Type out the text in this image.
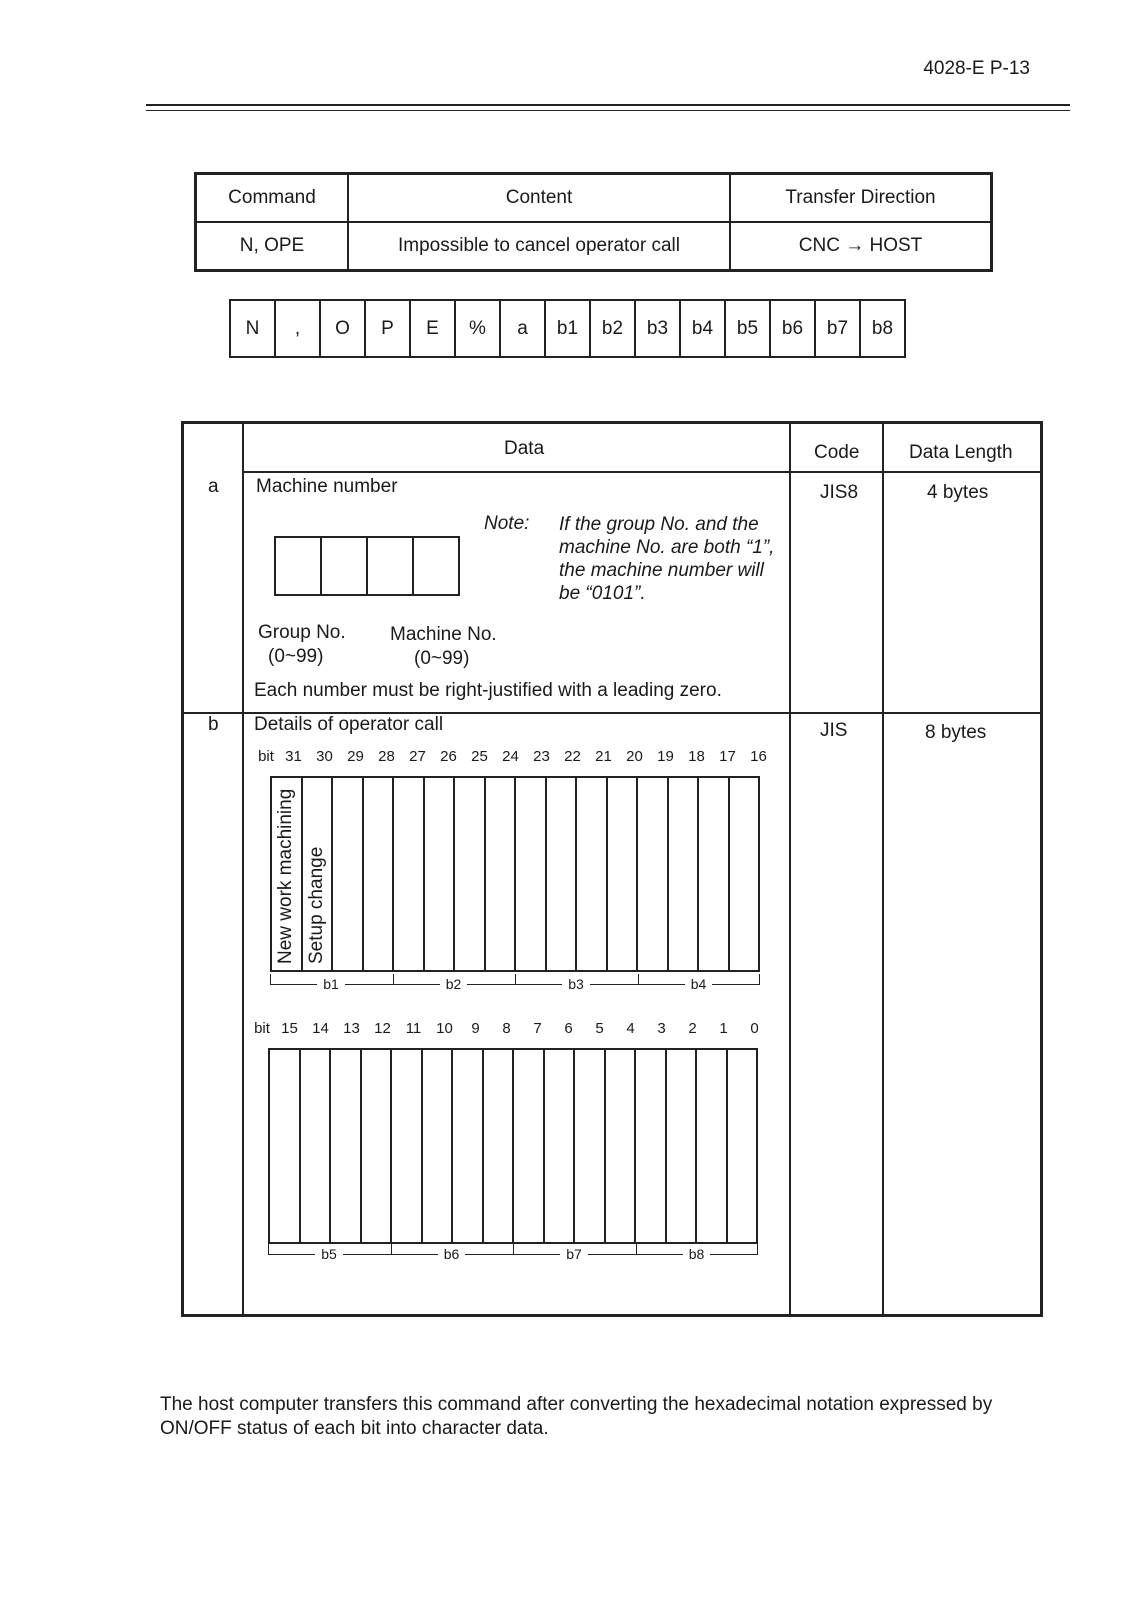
4028-E P-13
Command	Content	Transfer Direction
N, OPE	Impossible to cancel operator call	CNC → HOST
N	,	O	P	E	%	a	b1	b2	b3	b4	b5	b6	b7	b8
Data	Code	Data Length
a Machine number	JIS8	4 bytes
Note: If the group No. and the machine No. are both “1”, the machine number will be “0101”.
Group No.
(0~99)
Machine No.
(0~99)
Each number must be right-justified with a leading zero.
b Details of operator call	JIS	8 bytes
bit 31 30 29 28 27 26 25 24 23 22 21 20 19 18 17 16
New work machining Setup change
b1	b2	b3	b4
bit 15 14 13 12 11 10 9 8 7 6 5 4 3 2 1 0
b5	b6	b7	b8
The host computer transfers this command after converting the hexadecimal notation expressed by ON/OFF status of each bit into character data.
